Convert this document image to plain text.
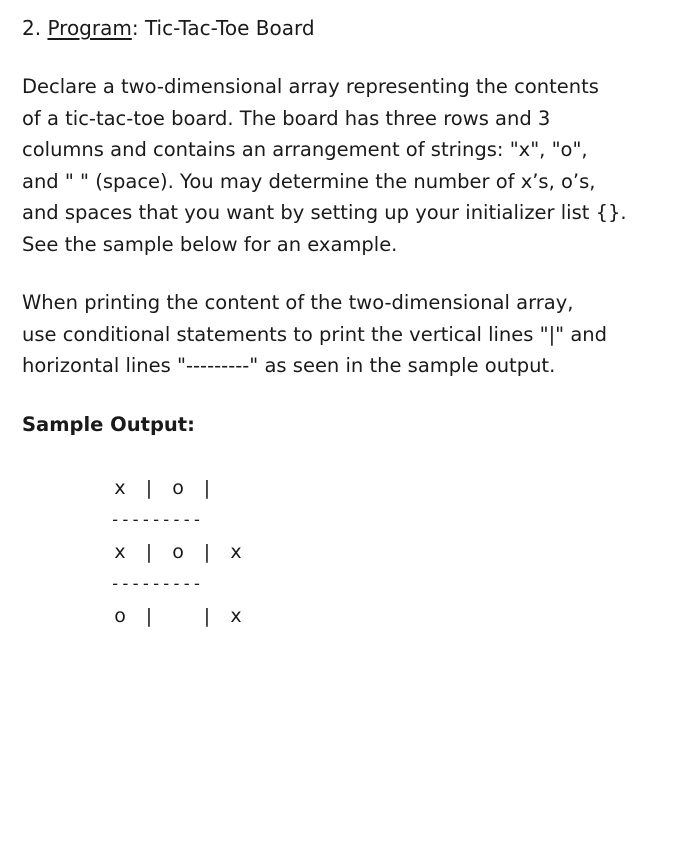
2. Program: Tic-Tac-Toe Board

Declare a two-dimensional array representing the contents
of a tic-tac-toe board. The board has three rows and 3
columns and contains an arrangement of strings: "x", "o",
and " " (space). You may determine the number of x’s, o’s,
and spaces that you want by setting up your initializer list {}.
See the sample below for an example.

When printing the content of the two-dimensional array,
use conditional statements to print the vertical lines "|" and
horizontal lines "---------" as seen in the sample output.

Sample Output:

x

|

o

|

---------

x

|

o

|

x

---------

o

|

	|

x
